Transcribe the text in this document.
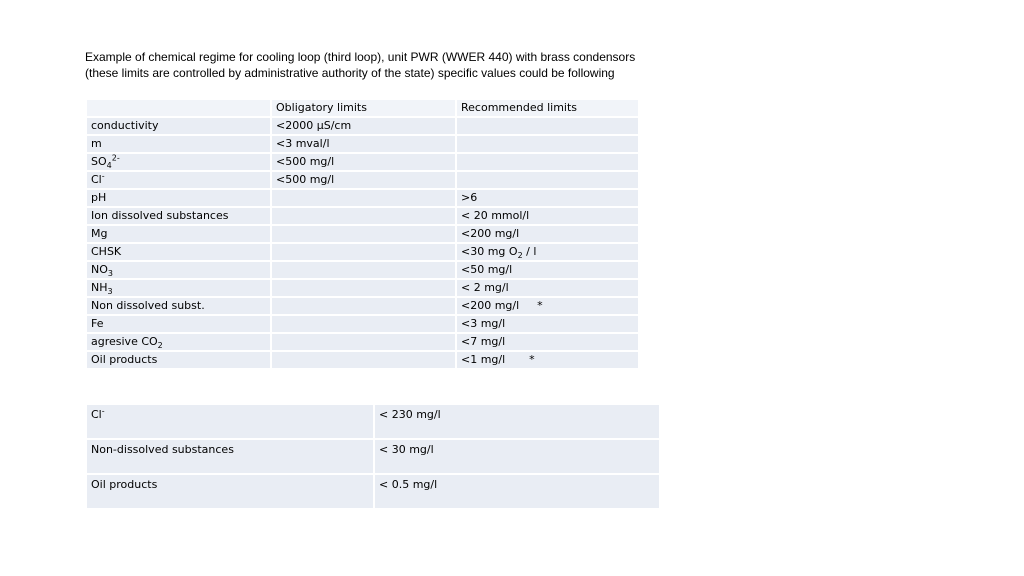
Example of chemical regime for cooling loop (third loop), unit PWR (WWER 440) with brass condensors
(these limits are controlled by administrative authority of the state) specific values could be following
	Obligatory limits	Recommended limits
conductivity	<2000 µS/cm	
m	<3 mval/l	
$SO_4^{2-}$	<500 mg/l	
Cl-	<500 mg/l	
pH		>6
Ion dissolved substances		< 20 mmol/l
Mg		<200 mg/l
CHSK		<30 mg $O_2$ / l
$NO_3$		<50 mg/l
$NH_3$		< 2 mg/l
Non dissolved subst.		<200 mg/l *
Fe		<3 mg/l
agresive $CO_2$		<7 mg/l
Oil products		<1 mg/l *
Cl-	< 230 mg/l
Non-dissolved substances	< 30 mg/l
Oil products	< 0.5 mg/l
